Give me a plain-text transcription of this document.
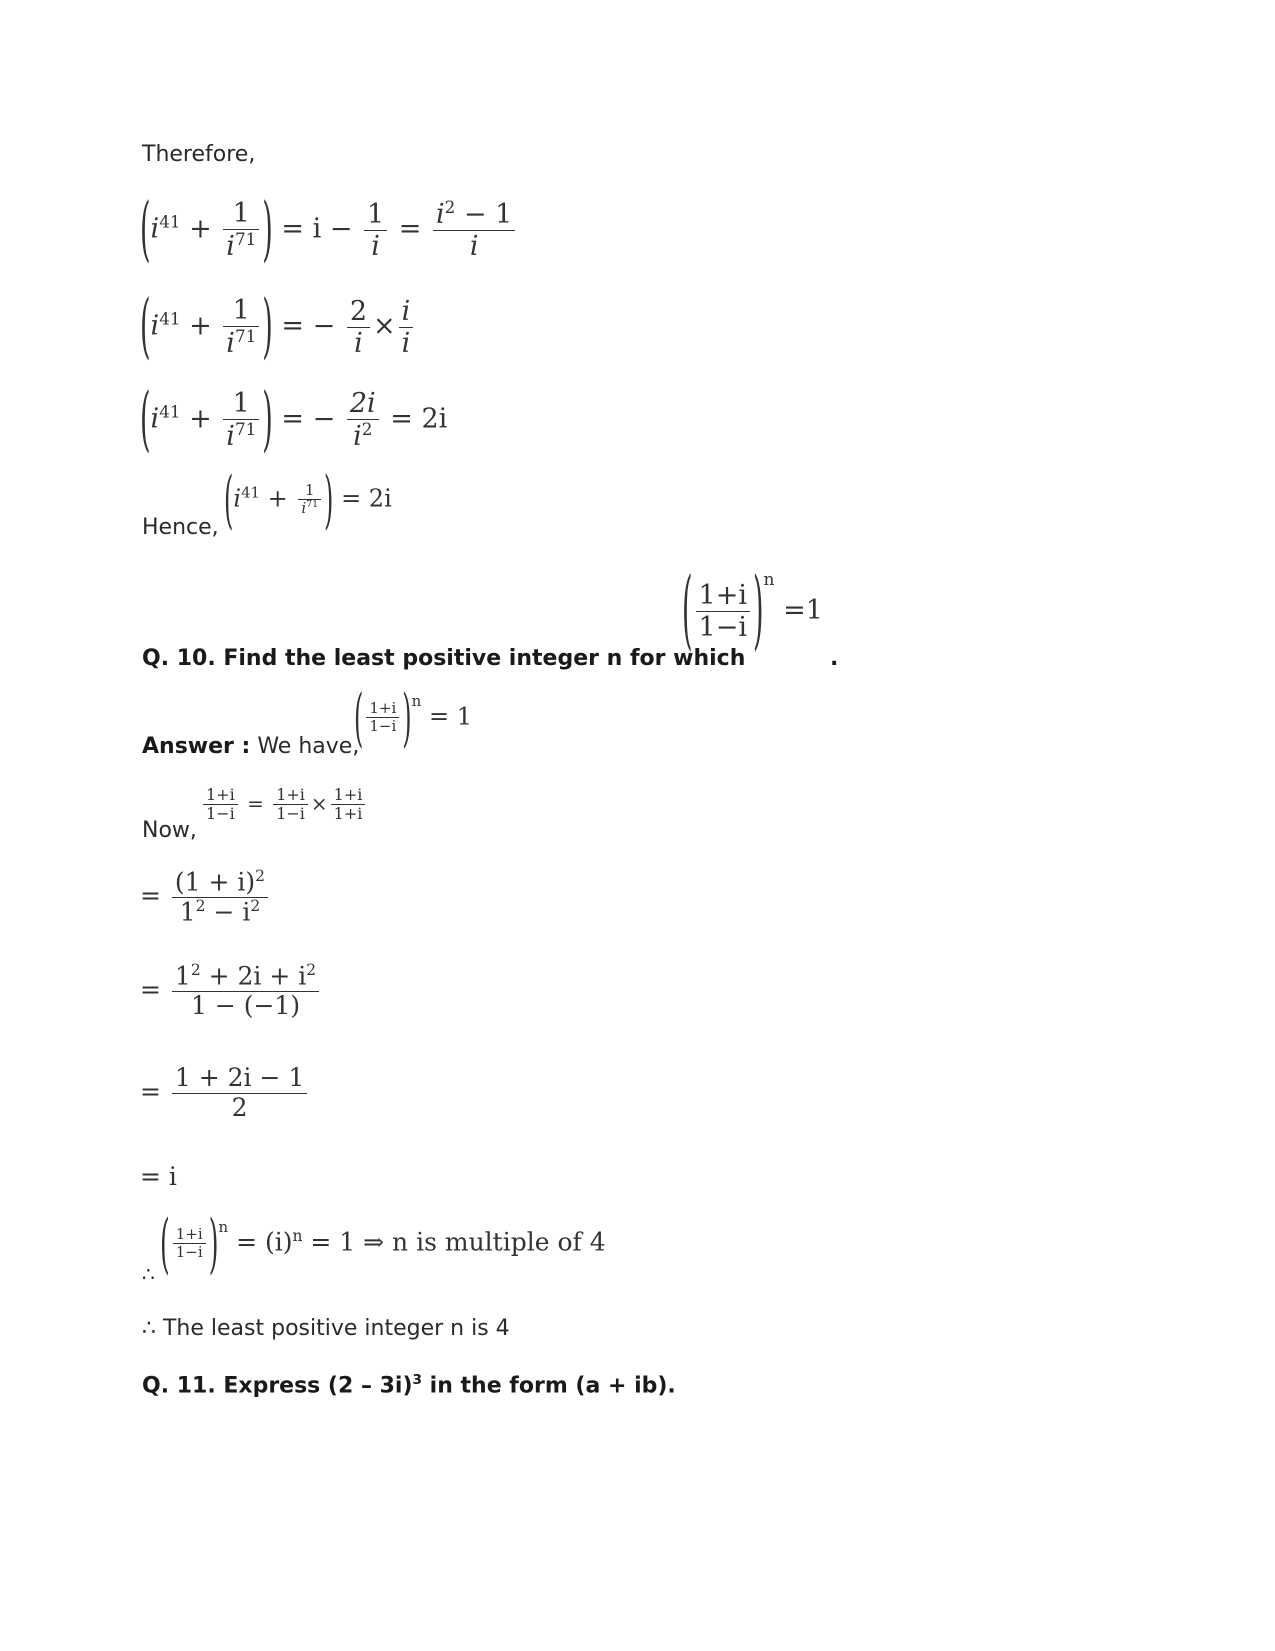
Therefore,
($i^{41} + \frac{1}{i^{71}}$ ) = $i - \frac{1}{i} = \frac{i^2 - 1}{i}$
($i^{41} + \frac{1}{i^{71}}$ ) = − $\frac{2}{i} \times \frac{i}{i}$
($i^{41} + \frac{1}{i^{71}}$ ) = − $\frac{2i}{i^2} = 2i$
Hence, ($i^{41} + \frac{1}{i^{71}}$ ) = 2i
Q. 10. Find the least positive integer n for which
( $\frac{1+i}{1-i} )^n =1$
.
Answer : We have,
( $\frac{1+i}{1-i} )^n = 1$
Now,
$\frac{1+i}{1-i} = \frac{1+i}{1-i} \times \frac{1+i}{1+i}$
= $\frac{(1 + i)^2}{1^2 - i^2}$
= $\frac{1^2 + 2i + i^2}{1 - (-1)}$
= $\frac{1 + 2i - 1}{2}$
= i
∴ ( $\frac{1+i}{1-i} )^n = (i)^n = 1$ ⇒ n is multiple of 4
∴ The least positive integer n is 4
Q. 11. Express (2 – 3i)$^3$ in the form (a + ib).
